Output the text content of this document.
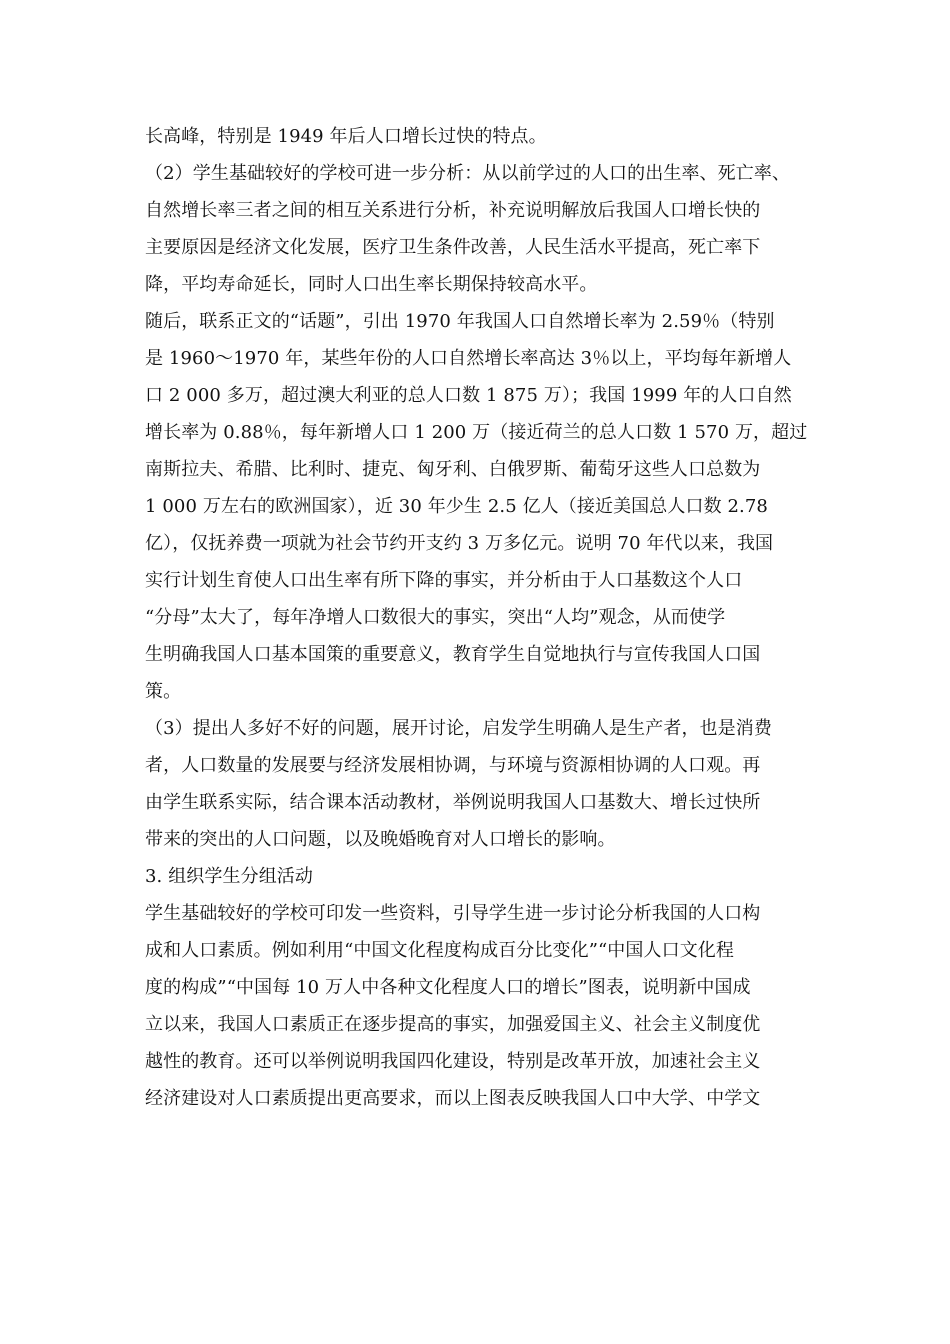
长高峰，特别是 1949 年后人口增长过快的特点。
（2）学生基础较好的学校可进一步分析：从以前学过的人口的出生率、死亡率、
自然增长率三者之间的相互关系进行分析，补充说明解放后我国人口增长快的
主要原因是经济文化发展，医疗卫生条件改善，人民生活水平提高，死亡率下
降，平均寿命延长，同时人口出生率长期保持较高水平。
随后，联系正文的“话题”，引出 1970 年我国人口自然增长率为 2.59％（特别
是 1960～1970 年，某些年份的人口自然增长率高达 3％以上，平均每年新增人
口 2 000 多万，超过澳大利亚的总人口数 1 875 万）；我国 1999 年的人口自然
增长率为 0.88％，每年新增人口 1 200 万（接近荷兰的总人口数 1 570 万，超过
南斯拉夫、希腊、比利时、捷克、匈牙利、白俄罗斯、葡萄牙这些人口总数为
1 000 万左右的欧洲国家），近 30 年少生 2.5 亿人（接近美国总人口数 2.78
亿），仅抚养费一项就为社会节约开支约 3 万多亿元。说明 70 年代以来，我国
实行计划生育使人口出生率有所下降的事实，并分析由于人口基数这个人口
“分母”太大了，每年净增人口数很大的事实，突出“人均”观念，从而使学
生明确我国人口基本国策的重要意义，教育学生自觉地执行与宣传我国人口国
策。
（3）提出人多好不好的问题，展开讨论，启发学生明确人是生产者，也是消费
者，人口数量的发展要与经济发展相协调，与环境与资源相协调的人口观。再
由学生联系实际，结合课本活动教材，举例说明我国人口基数大、增长过快所
带来的突出的人口问题，以及晚婚晚育对人口增长的影响。
3. 组织学生分组活动
学生基础较好的学校可印发一些资料，引导学生进一步讨论分析我国的人口构
成和人口素质。例如利用“中国文化程度构成百分比变化”“中国人口文化程
度的构成”“中国每 10 万人中各种文化程度人口的增长”图表，说明新中国成
立以来，我国人口素质正在逐步提高的事实，加强爱国主义、社会主义制度优
越性的教育。还可以举例说明我国四化建设，特别是改革开放，加速社会主义
经济建设对人口素质提出更高要求，而以上图表反映我国人口中大学、中学文
